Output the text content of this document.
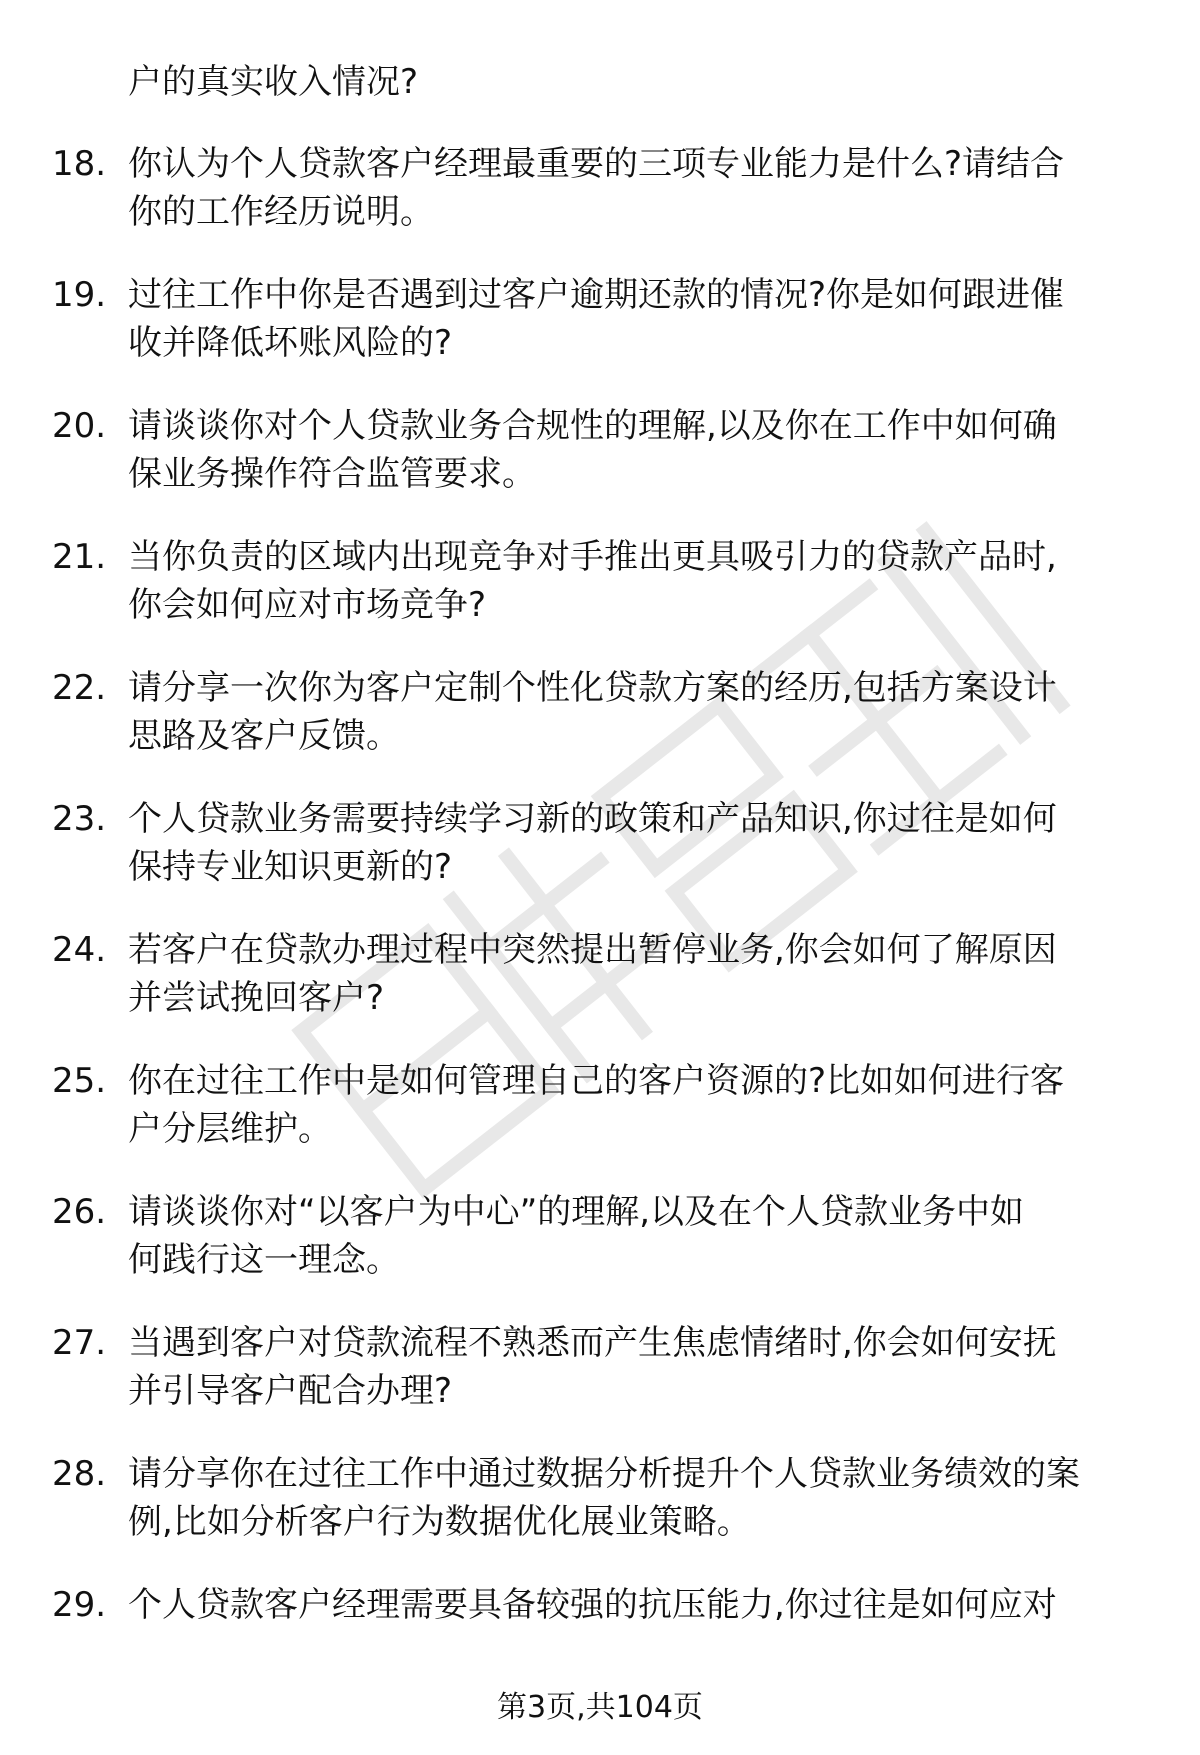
户的真实收入情况?

18. 你认为个人贷款客户经理最重要的三项专业能力是什么?请结合
你的工作经历说明。
19. 过往工作中你是否遇到过客户逾期还款的情况?你是如何跟进催
收并降低坏账风险的?
20. 请谈谈你对个人贷款业务合规性的理解,以及你在工作中如何确
保业务操作符合监管要求。
21. 当你负责的区域内出现竞争对手推出更具吸引力的贷款产品时,
你会如何应对市场竞争?
22. 请分享一次你为客户定制个性化贷款方案的经历,包括方案设计
思路及客户反馈。
23. 个人贷款业务需要持续学习新的政策和产品知识,你过往是如何
保持专业知识更新的?
24. 若客户在贷款办理过程中突然提出暂停业务,你会如何了解原因
并尝试挽回客户?
25. 你在过往工作中是如何管理自己的客户资源的?比如如何进行客
户分层维护。
26. 请谈谈你对“以客户为中心”的理解,以及在个人贷款业务中如
何践行这一理念。
27. 当遇到客户对贷款流程不熟悉而产生焦虑情绪时,你会如何安抚
并引导客户配合办理?
28. 请分享你在过往工作中通过数据分析提升个人贷款业务绩效的案
例,比如分析客户行为数据优化展业策略。
29. 个人贷款客户经理需要具备较强的抗压能力,你过往是如何应对
第3页,共104页
